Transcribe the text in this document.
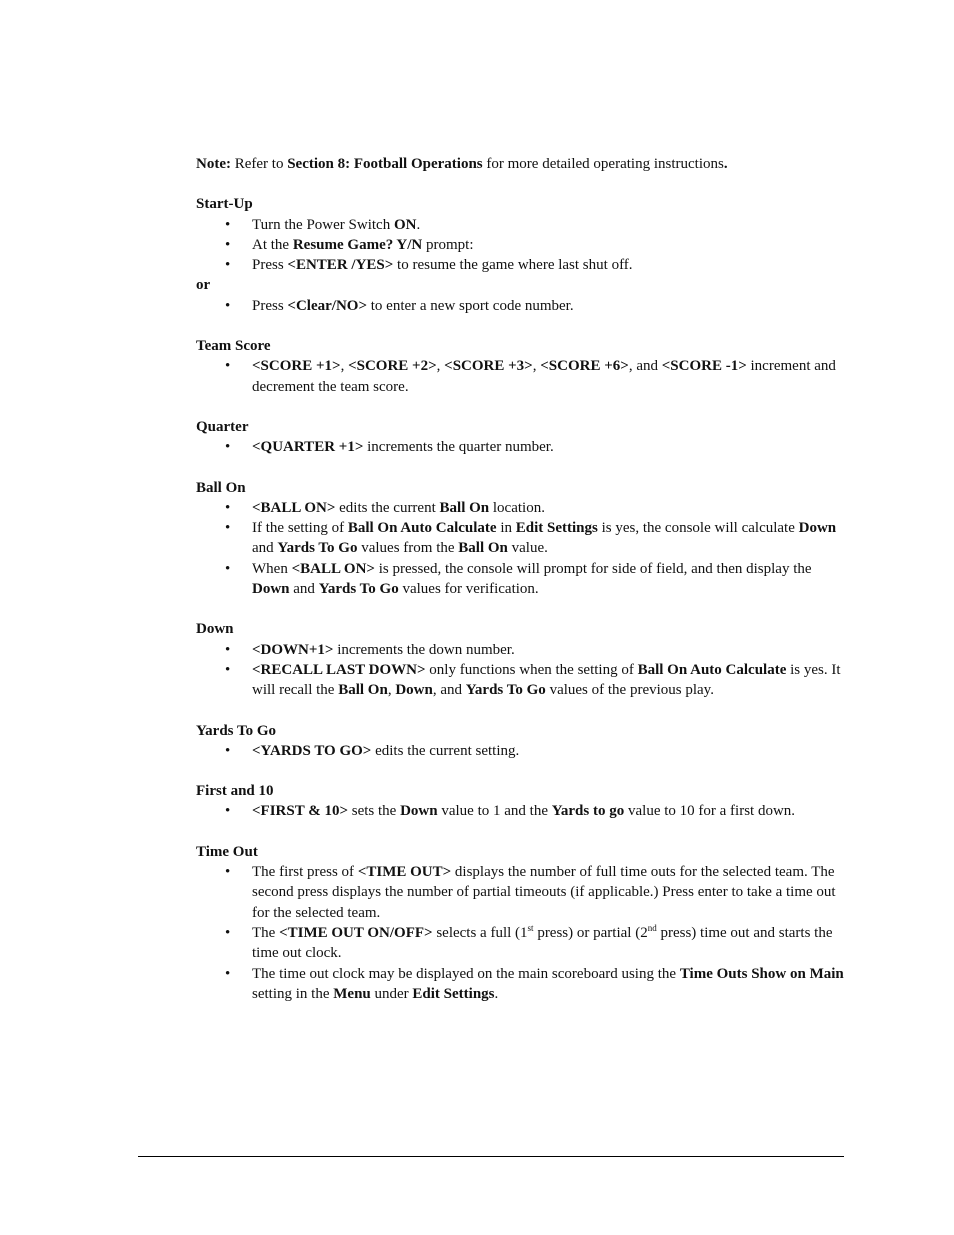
Note: Refer to Section 8: Football Operations for more detailed operating instructions.

Start-Up

• Turn the Power Switch ON.
• At the Resume Game? Y/N prompt:
• Press <ENTER /YES> to resume the game where last shut off.

or

• Press <Clear/NO> to enter a new sport code number.

Team Score

• <SCORE +1>, <SCORE +2>, <SCORE +3>, <SCORE +6>, and <SCORE -1> increment and decrement the team score.

Quarter

• <QUARTER +1> increments the quarter number.

Ball On

• <BALL ON> edits the current Ball On location.
• If the setting of Ball On Auto Calculate in Edit Settings is yes, the console will calculate Down and Yards To Go values from the Ball On value.
• When <BALL ON> is pressed, the console will prompt for side of field, and then display the Down and Yards To Go values for verification.

Down

• <DOWN+1> increments the down number.
• <RECALL LAST DOWN> only functions when the setting of Ball On Auto Calculate is yes. It will recall the Ball On, Down, and Yards To Go values of the previous play.

Yards To Go

• <YARDS TO GO> edits the current setting.

First and 10

• <FIRST & 10> sets the Down value to 1 and the Yards to go value to 10 for a first down.

Time Out

• The first press of <TIME OUT> displays the number of full time outs for the selected team. The second press displays the number of partial timeouts (if applicable.) Press enter to take a time out for the selected team.
• The <TIME OUT ON/OFF> selects a full (1st press) or partial (2nd press) time out and starts the time out clock.
• The time out clock may be displayed on the main scoreboard using the Time Outs Show on Main setting in the Menu under Edit Settings.
